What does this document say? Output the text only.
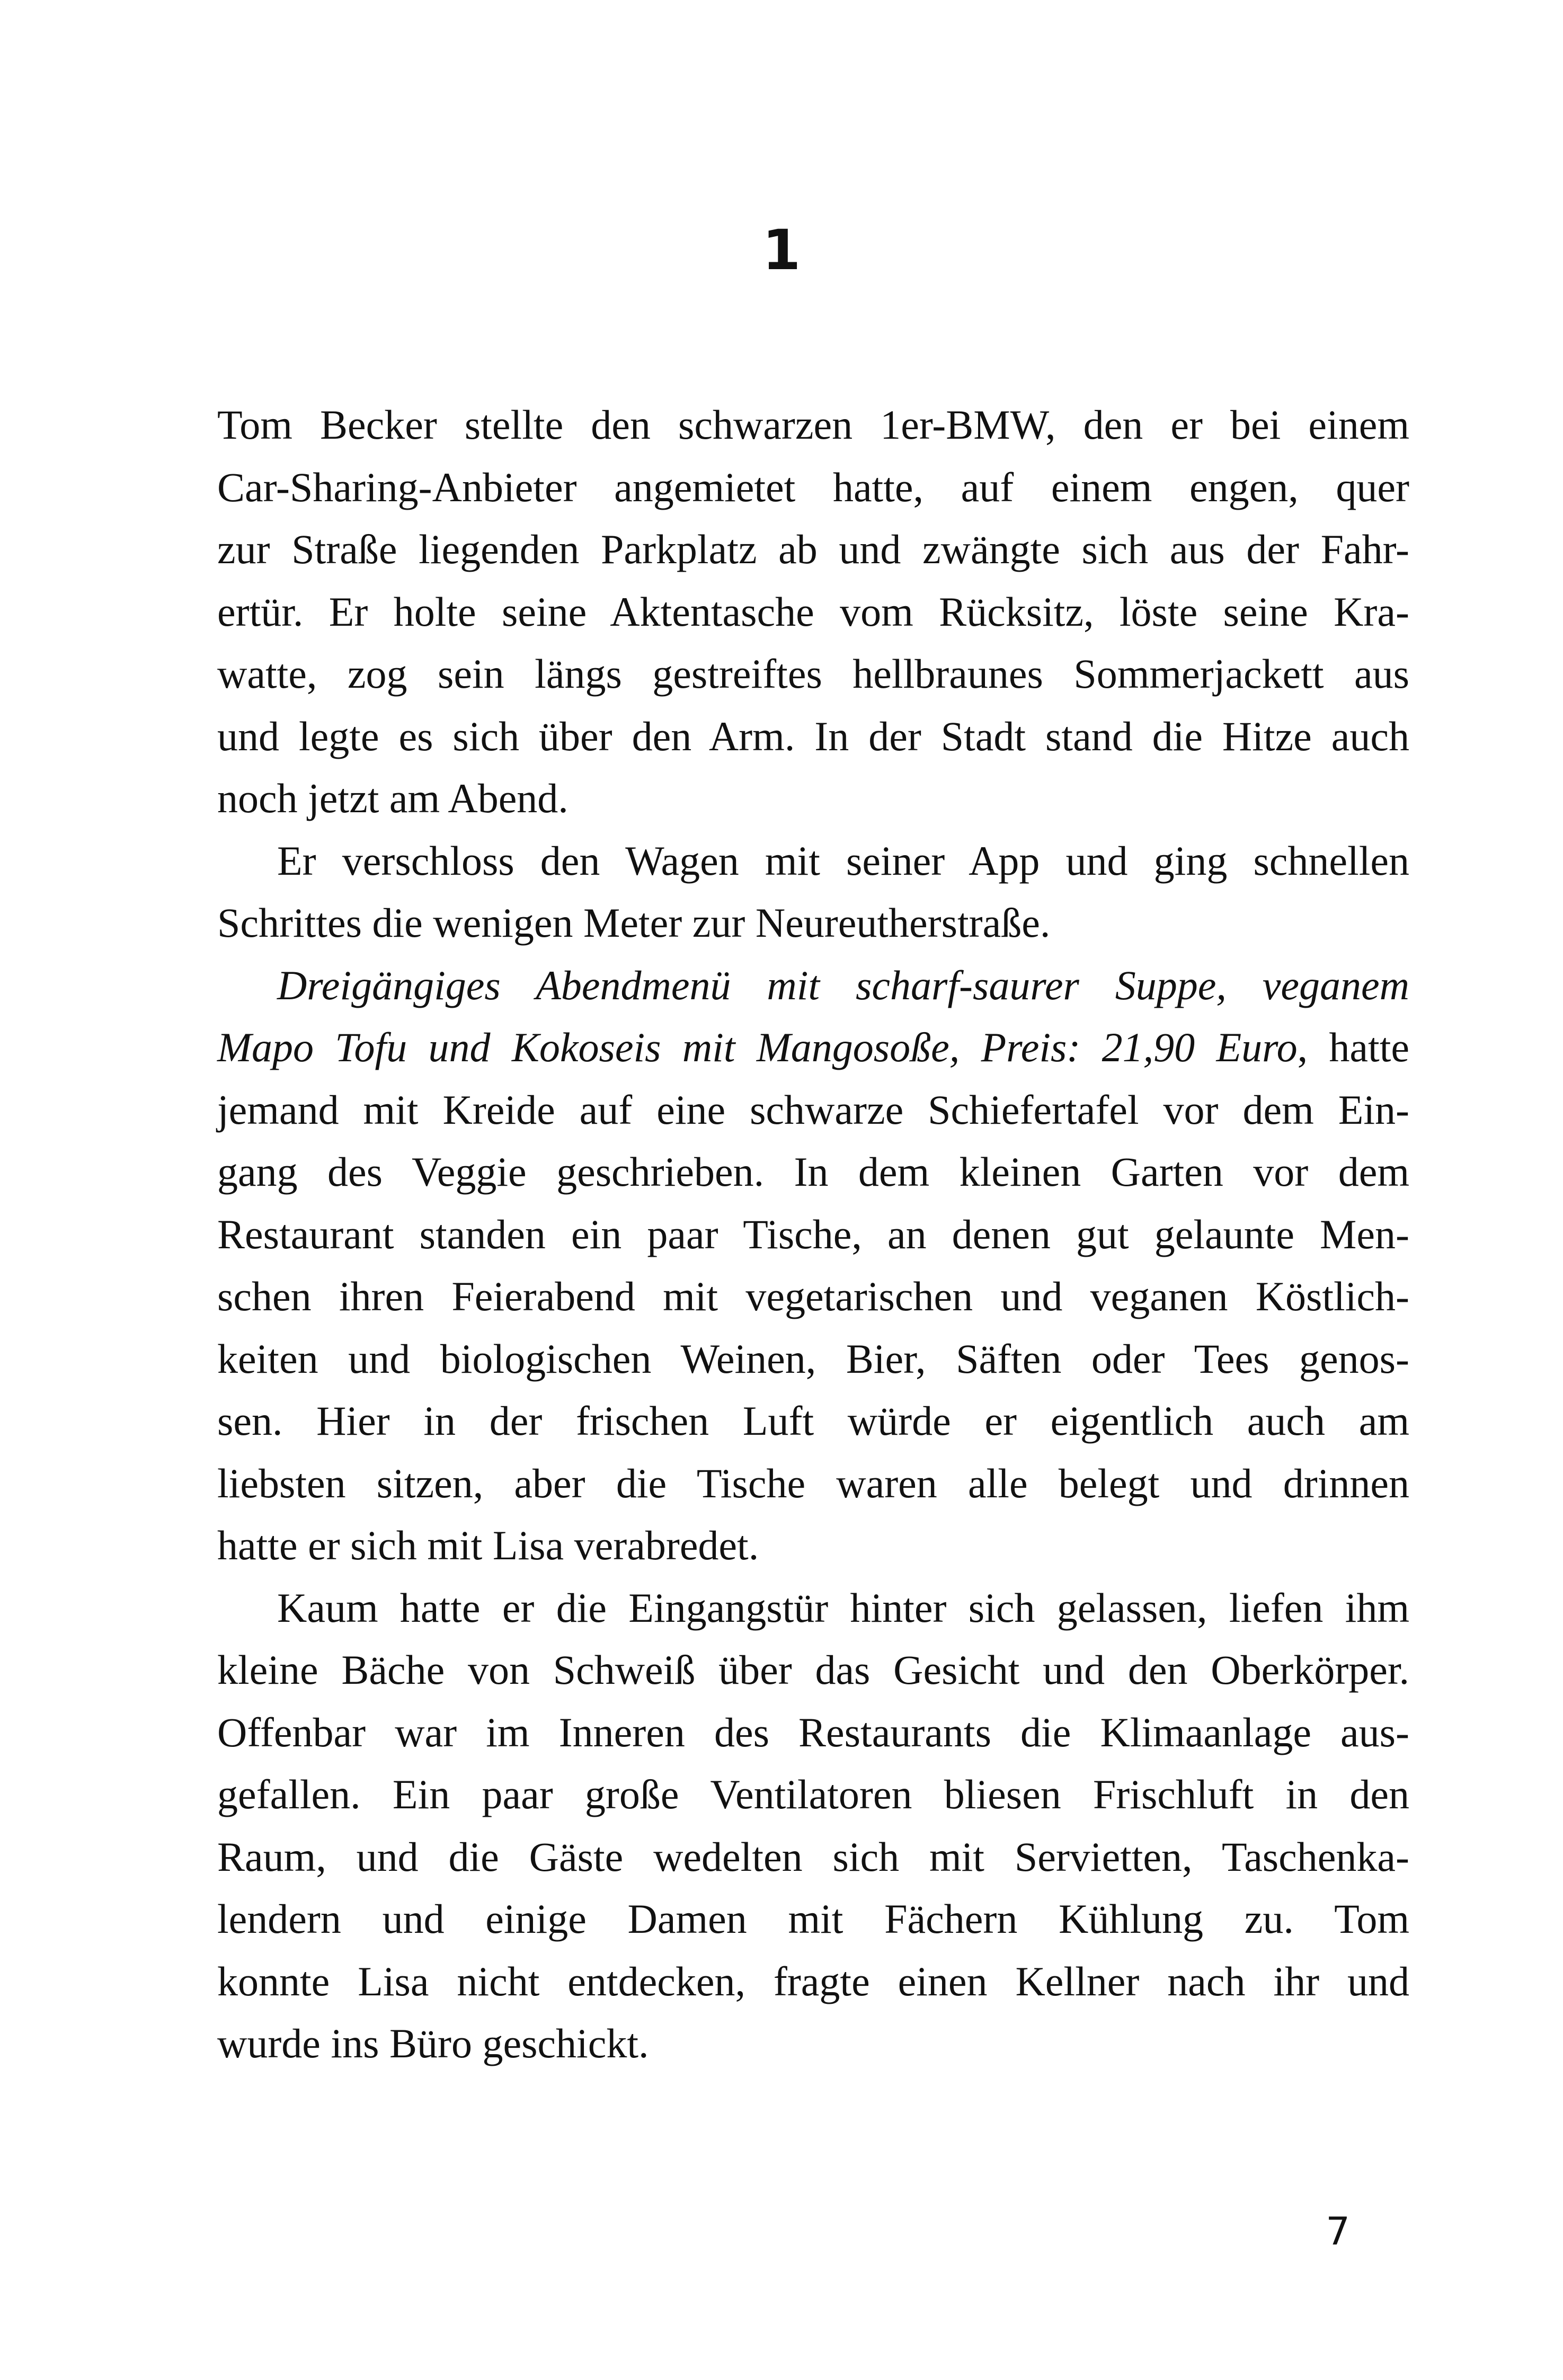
1
Tom Becker stellte den schwarzen 1er-BMW, den er bei einem
Car-Sharing-Anbieter angemietet hatte, auf einem engen, quer
zur Straße liegenden Parkplatz ab und zwängte sich aus der Fahr-
ertür. Er holte seine Aktentasche vom Rücksitz, löste seine Kra-
watte, zog sein längs gestreiftes hellbraunes Sommerjackett aus
und legte es sich über den Arm. In der Stadt stand die Hitze auch
noch jetzt am Abend.
Er verschloss den Wagen mit seiner App und ging schnellen
Schrittes die wenigen Meter zur Neureutherstraße.
Dreigängiges Abendmenü mit scharf-saurer Suppe, veganem
Mapo Tofu und Kokoseis mit Mangosoße, Preis: 21,90 Euro, hatte
jemand mit Kreide auf eine schwarze Schiefertafel vor dem Ein-
gang des Veggie geschrieben. In dem kleinen Garten vor dem
Restaurant standen ein paar Tische, an denen gut gelaunte Men-
schen ihren Feierabend mit vegetarischen und veganen Köstlich-
keiten und biologischen Weinen, Bier, Säften oder Tees genos-
sen. Hier in der frischen Luft würde er eigentlich auch am
liebsten sitzen, aber die Tische waren alle belegt und drinnen
hatte er sich mit Lisa verabredet.
Kaum hatte er die Eingangstür hinter sich gelassen, liefen ihm
kleine Bäche von Schweiß über das Gesicht und den Oberkörper.
Offenbar war im Inneren des Restaurants die Klimaanlage aus-
gefallen. Ein paar große Ventilatoren bliesen Frischluft in den
Raum, und die Gäste wedelten sich mit Servietten, Taschenka-
lendern und einige Damen mit Fächern Kühlung zu. Tom
konnte Lisa nicht entdecken, fragte einen Kellner nach ihr und
wurde ins Büro geschickt.
7
